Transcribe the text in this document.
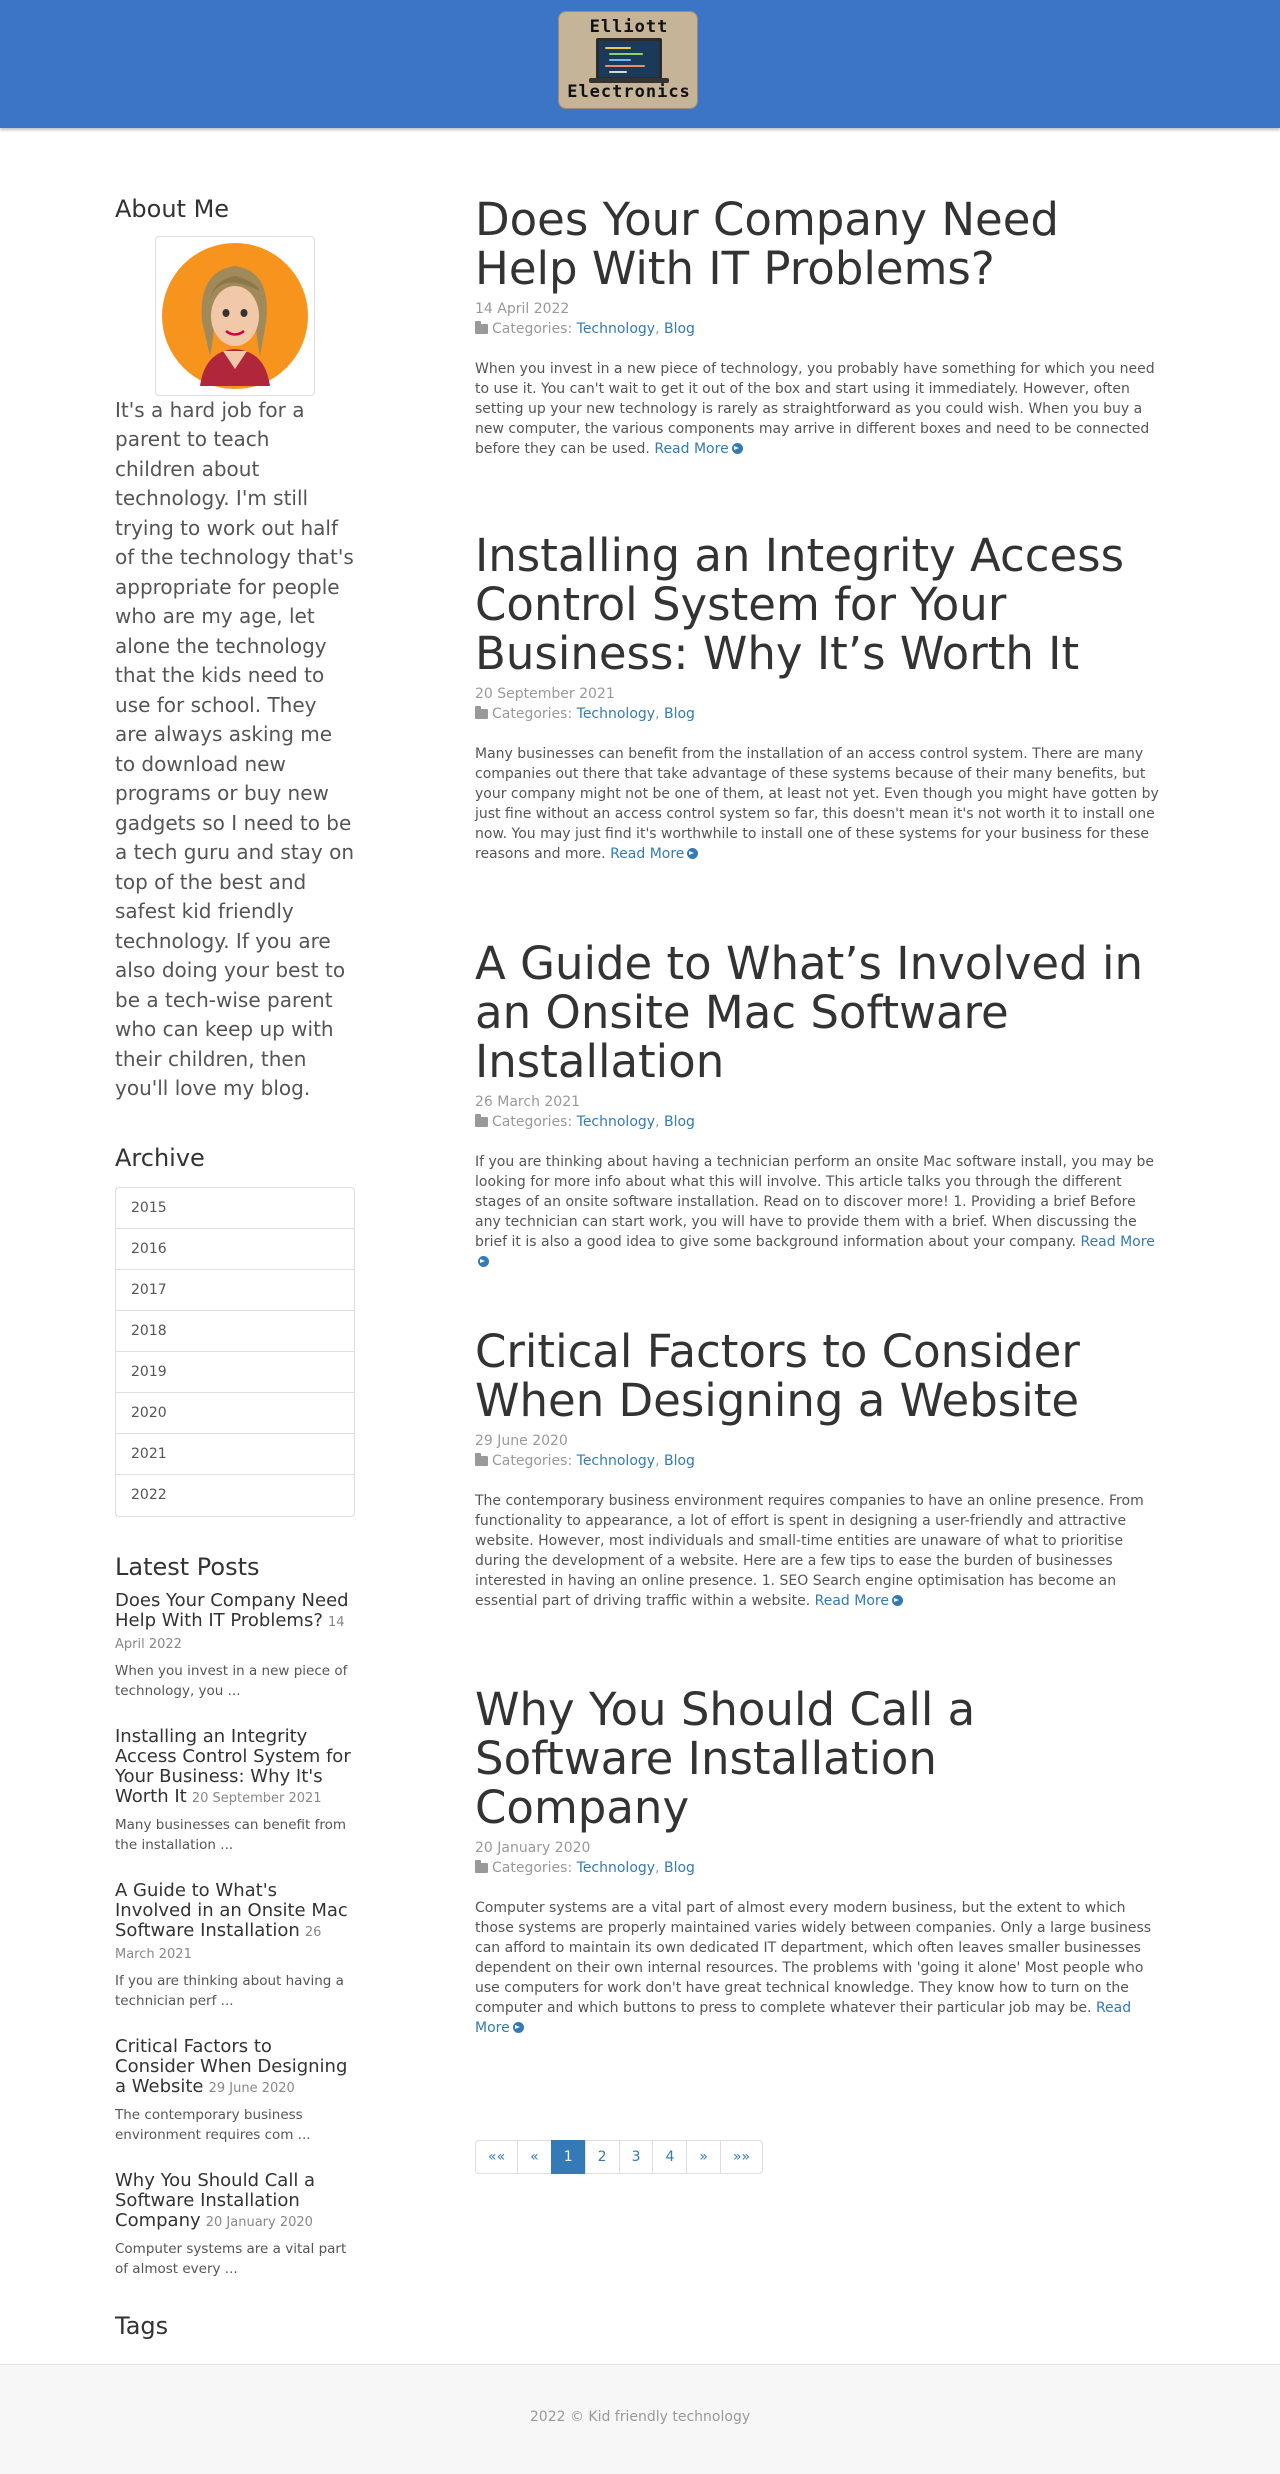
Elliott
Electronics
About Me

It's a hard job for a parent to teach children about technology. I'm still trying to work out half of the technology that's appropriate for people who are my age, let alone the technology that the kids need to use for school. They are always asking me to download new programs or buy new gadgets so I need to be a tech guru and stay on top of the best and safest kid friendly technology. If you are also doing your best to be a tech-wise parent who can keep up with their children, then you'll love my blog.

Archive
2015
2016
2017
2018
2019
2020
2021
2022
Latest Posts
Does Your Company Need Help With IT Problems? 14 April 2022

When you invest in a new piece of technology, you ...

Installing an Integrity Access Control System for Your Business: Why It's Worth It 20 September 2021

Many businesses can benefit from the installation ...

A Guide to What's Involved in an Onsite Mac Software Installation 26 March 2021

If you are thinking about having a technician perf ...

Critical Factors to Consider When Designing a Website 29 June 2020

The contemporary business environment requires com ...

Why You Should Call a Software Installation Company 20 January 2020

Computer systems are a vital part of almost every ...

Tags
Does Your Company Need Help With IT Problems?
14 April 2022
Categories: Technology, Blog

When you invest in a new piece of technology, you probably have something for which you need to use it. You can't wait to get it out of the box and start using it immediately. However, often setting up your new technology is rarely as straightforward as you could wish. When you buy a new computer, the various components may arrive in different boxes and need to be connected before they can be used. Read More

Installing an Integrity Access Control System for Your Business: Why It’s Worth It
20 September 2021
Categories: Technology, Blog

Many businesses can benefit from the installation of an access control system. There are many companies out there that take advantage of these systems because of their many benefits, but your company might not be one of them, at least not yet. Even though you might have gotten by just fine without an access control system so far, this doesn't mean it's not worth it to install one now. You may just find it's worthwhile to install one of these systems for your business for these reasons and more. Read More

A Guide to What’s Involved in an Onsite Mac Software Installation
26 March 2021
Categories: Technology, Blog

If you are thinking about having a technician perform an onsite Mac software install, you may be looking for more info about what this will involve. This article talks you through the different stages of an onsite software installation. Read on to discover more! 1. Providing a brief Before any technician can start work, you will have to provide them with a brief. When discussing the brief it is also a good idea to give some background information about your company. Read More

Critical Factors to Consider When Designing a Website
29 June 2020
Categories: Technology, Blog

The contemporary business environment requires companies to have an online presence. From functionality to appearance, a lot of effort is spent in designing a user-friendly and attractive website. However, most individuals and small-time entities are unaware of what to prioritise during the development of a website. Here are a few tips to ease the burden of businesses interested in having an online presence. 1. SEO Search engine optimisation has become an essential part of driving traffic within a website. Read More

Why You Should Call a Software Installation Company
20 January 2020
Categories: Technology, Blog

Computer systems are a vital part of almost every modern business, but the extent to which those systems are properly maintained varies widely between companies. Only a large business can afford to maintain its own dedicated IT department, which often leaves smaller businesses dependent on their own internal resources. The problems with 'going it alone' Most people who use computers for work don't have great technical knowledge. They know how to turn on the computer and which buttons to press to complete whatever their particular job may be. Read More

««	«	1	2	3	4	»	»»
2022 © Kid friendly technology
